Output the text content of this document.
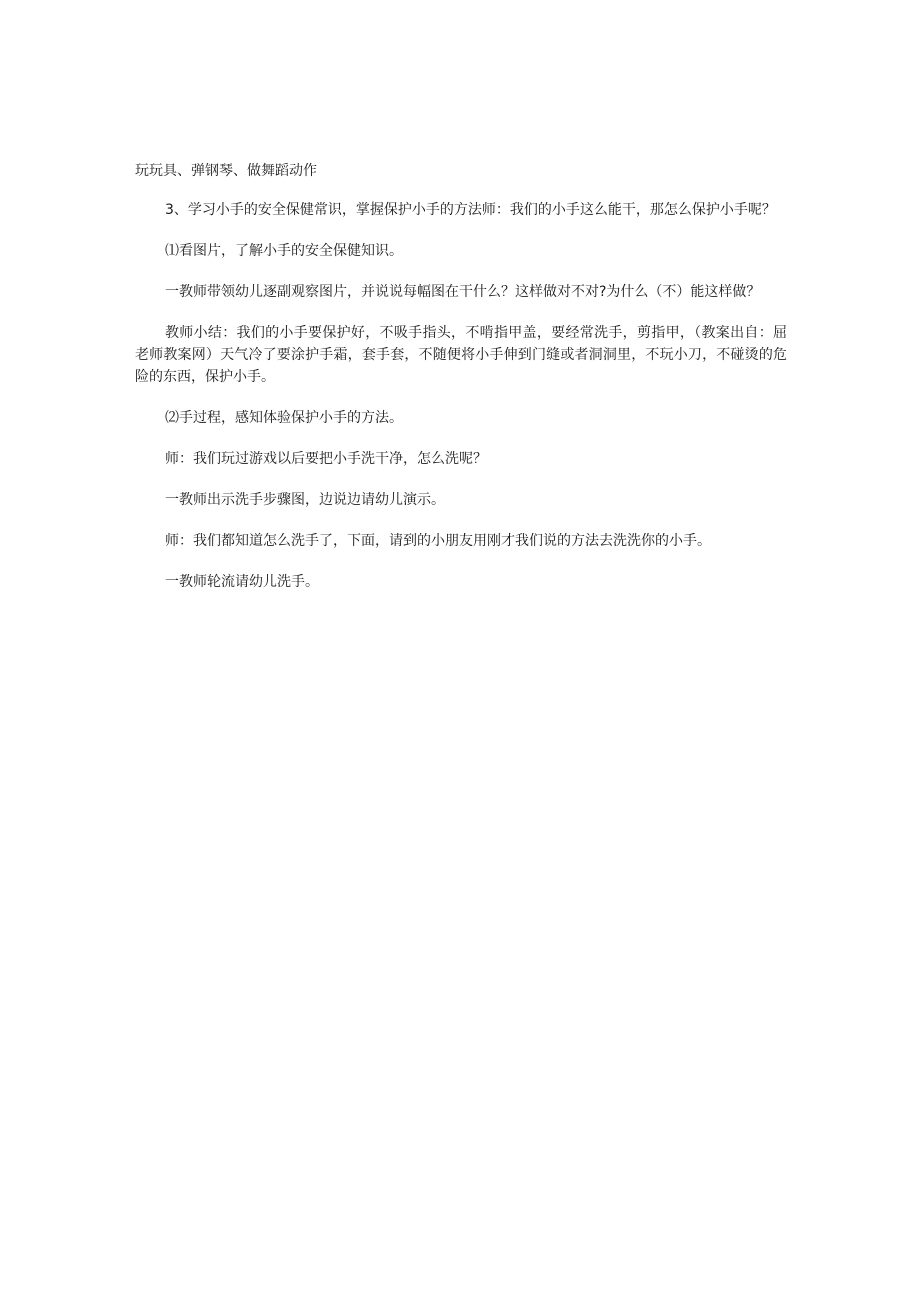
玩玩具、弹钢琴、做舞蹈动作

3、学习小手的安全保健常识，掌握保护小手的方法师：我们的小手这么能干，那怎么保护小手呢？

⑴看图片，了解小手的安全保健知识。

一教师带领幼儿逐副观察图片，并说说每幅图在干什么？这样做对不对?为什么（不）能这样做？

教师小结：我们的小手要保护好，不吸手指头，不啃指甲盖，要经常洗手，剪指甲，（教案出自：屈老师教案网）天气冷了要涂护手霜，套手套，不随便将小手伸到门缝或者洞洞里，不玩小刀，不碰烫的危险的东西，保护小手。

⑵手过程，感知体验保护小手的方法。

师：我们玩过游戏以后要把小手洗干净，怎么洗呢？

一教师出示洗手步骤图，边说边请幼儿演示。

师：我们都知道怎么洗手了，下面，请到的小朋友用刚才我们说的方法去洗洗你的小手。

一教师轮流请幼儿洗手。
